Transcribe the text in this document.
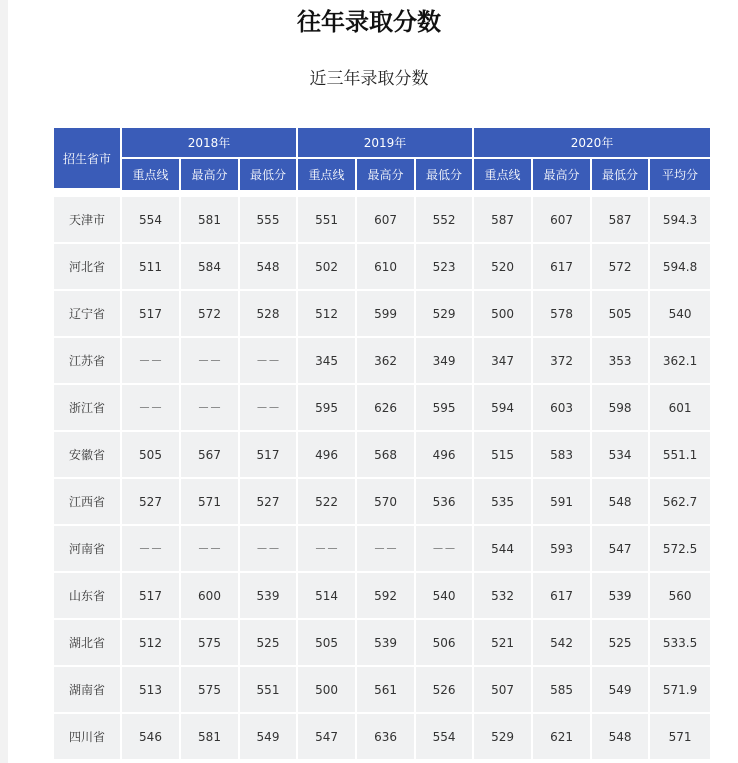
往年录取分数
近三年录取分数
招生省市	2018年			2019年			2020年			
	重点线	最高分	最低分	重点线	最高分	最低分	重点线	最高分	最低分	平均分

天津市	554	581	555	551	607	552	587	607	587	594.3
河北省	511	584	548	502	610	523	520	617	572	594.8
辽宁省	517	572	528	512	599	529	500	578	505	540
江苏省	－－	－－	－－	345	362	349	347	372	353	362.1
浙江省	－－	－－	－－	595	626	595	594	603	598	601
安徽省	505	567	517	496	568	496	515	583	534	551.1
江西省	527	571	527	522	570	536	535	591	548	562.7
河南省	－－	－－	－－	－－	－－	－－	544	593	547	572.5
山东省	517	600	539	514	592	540	532	617	539	560
湖北省	512	575	525	505	539	506	521	542	525	533.5
湖南省	513	575	551	500	561	526	507	585	549	571.9
四川省	546	581	549	547	636	554	529	621	548	571
